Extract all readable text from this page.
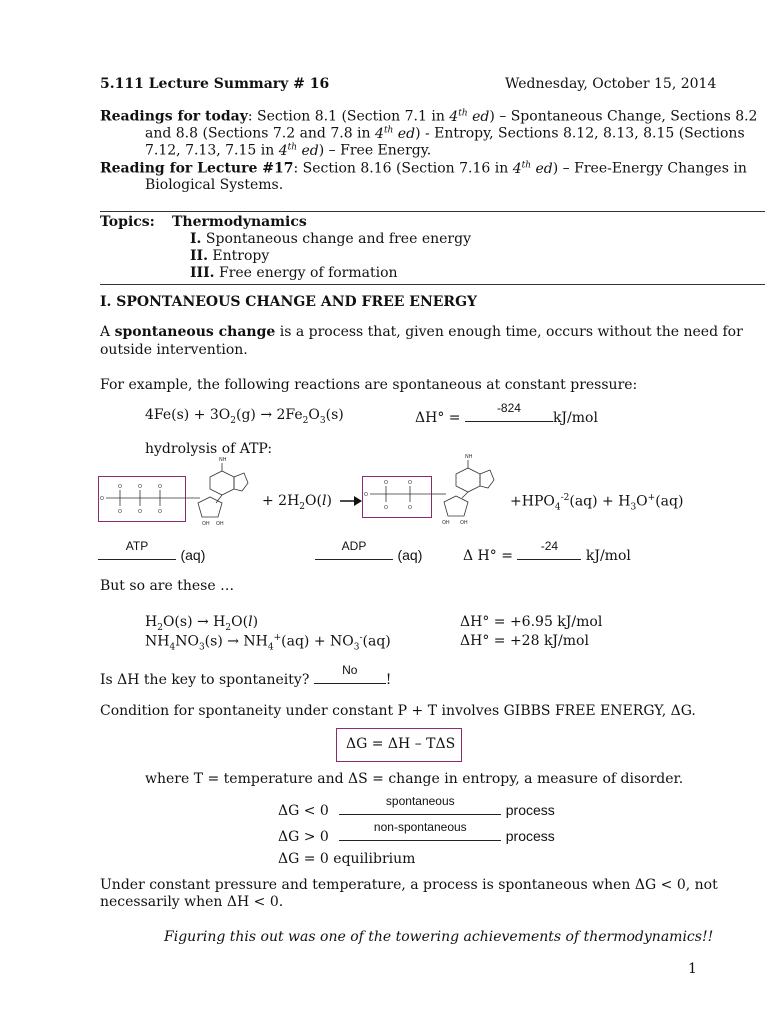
5.111 Lecture Summary # 16	Wednesday, October 15, 2014
Readings for today: Section 8.1 (Section 7.1 in 4th ed) – Spontaneous Change, Sections 8.2
and 8.8 (Sections 7.2 and 7.8 in 4th ed) - Entropy, Sections 8.12, 8.13, 8.15 (Sections
7.12, 7.13, 7.15 in 4th ed) – Free Energy.
Reading for Lecture #17: Section 8.16 (Section 7.16 in 4th ed) – Free-Energy Changes in
Biological Systems.
Topics: Thermodynamics
I. Spontaneous change and free energy
II. Entropy
III. Free energy of formation
I. SPONTANEOUS CHANGE AND FREE ENERGY
A spontaneous change is a process that, given enough time, occurs without the need for
outside intervention.
For example, the following reactions are spontaneous at constant pressure:
$4Fe(s) + 3O_2(g) \to 2Fe_2O_3(s)$	ΔH° =
-824
kJ/mol
hydrolysis of ATP:
O
O	O	O
O	O	O
NH
OH OH
+ $2H_2O(l) \to O$
O	O
O	O
NH
OH OH
$+HPO_4^{-2}(aq) + H_3O^+(aq)$
ATP
(aq)
ADP
(aq)	Δ H° =
-24
kJ/mol
But so are these …
$H_2O(s) \to H_2O(l)$	ΔH° = +6.95 kJ/mol
$NH_4NO_3(s) \to NH_4^+(aq) + NO_3^-(aq)$	ΔH° = +28 kJ/mol
Is ΔH the key to spontaneity?
No
!
Condition for spontaneity under constant P + T involves GIBBS FREE ENERGY, ΔG.
ΔG = ΔH – TΔS
where T = temperature and ΔS = change in entropy, a measure of disorder.
ΔG < 0
spontaneous
process
ΔG > 0
non-spontaneous
process
ΔG = 0 equilibrium
Under constant pressure and temperature, a process is spontaneous when ΔG < 0, not
necessarily when ΔH < 0.
Figuring this out was one of the towering achievements of thermodynamics!!
1
